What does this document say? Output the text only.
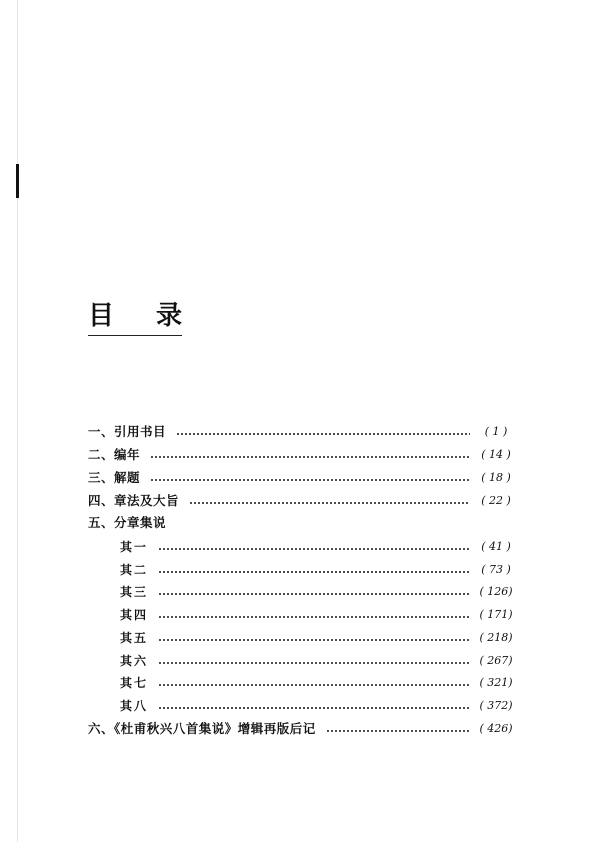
目 录
一、引用书目	( 1 )
二、编年	( 14 )
三、解题	( 18 )
四、章法及大旨	( 22 )
五、分章集说
其一	( 41 )
其二	( 73 )
其三	( 126)
其四	( 171)
其五	( 218)
其六	( 267)
其七	( 321)
其八	( 372)
六、《杜甫秋兴八首集说》增辑再版后记	( 426)
